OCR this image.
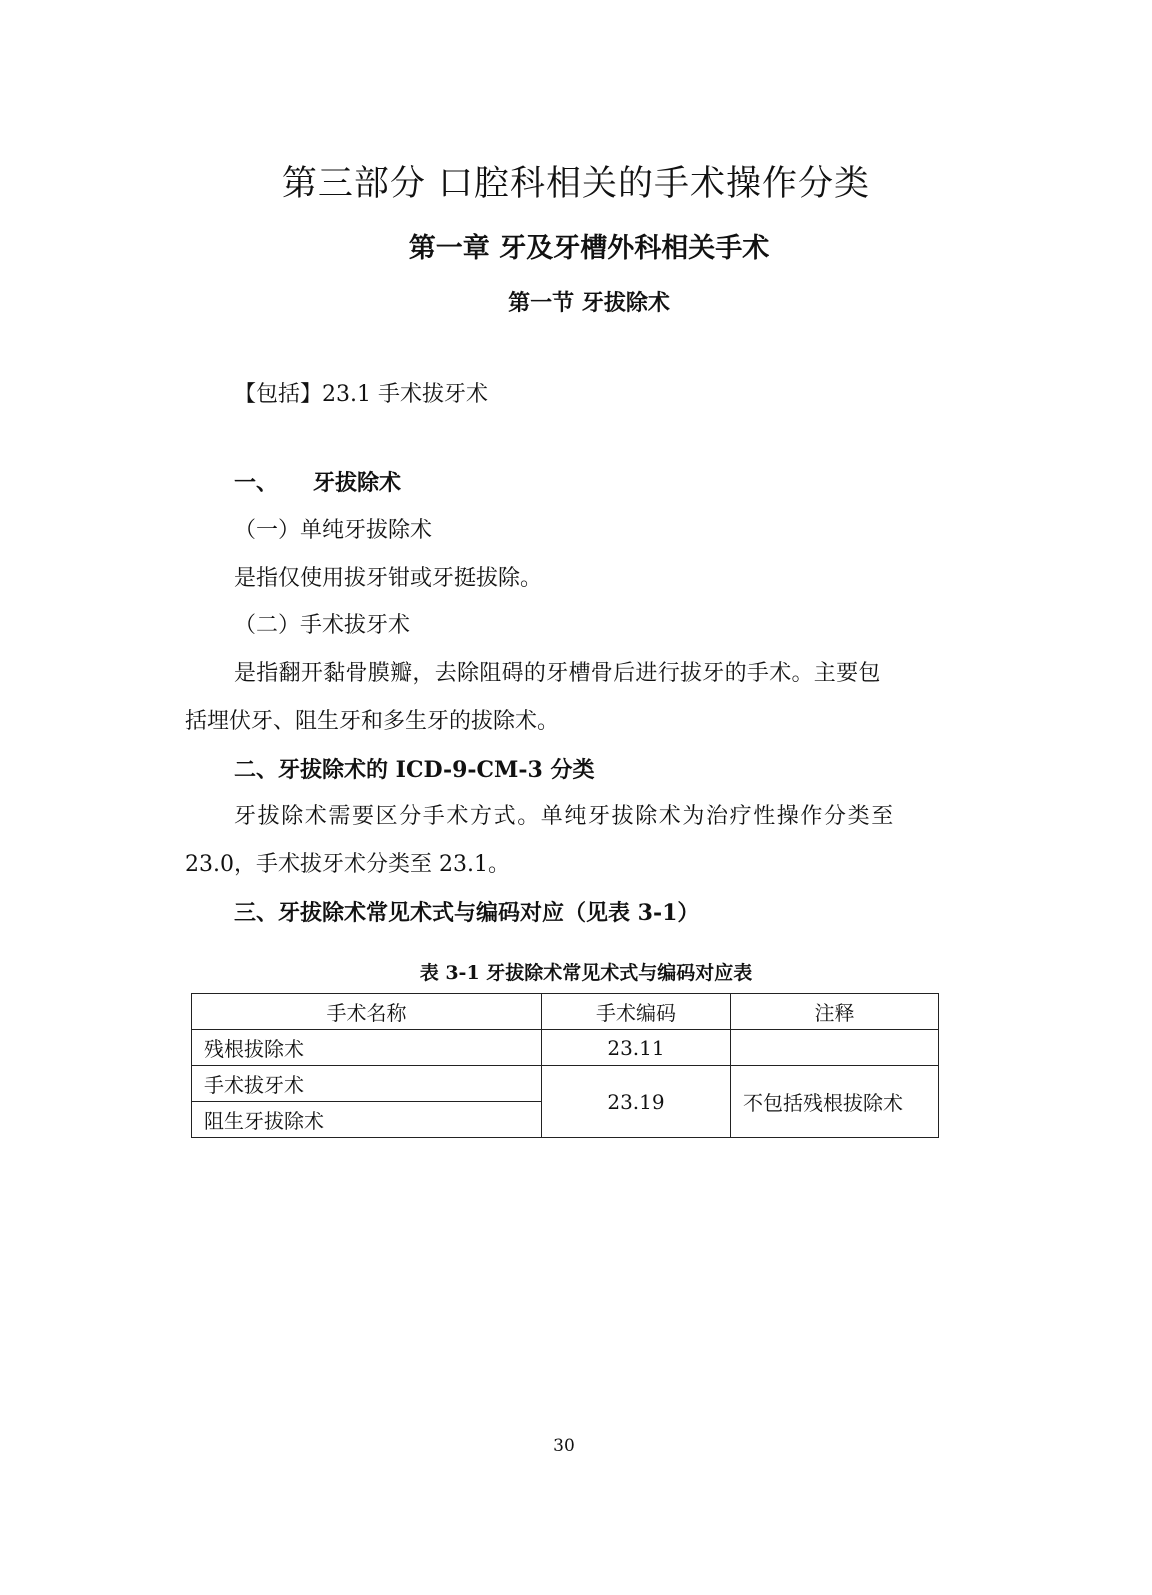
第三部分 口腔科相关的手术操作分类
第一章 牙及牙槽外科相关手术
第一节 牙拔除术
【包括】23.1 手术拔牙术
一、 牙拔除术
（一）单纯牙拔除术
是指仅使用拔牙钳或牙挺拔除。
（二）手术拔牙术
是指翻开黏骨膜瓣，去除阻碍的牙槽骨后进行拔牙的手术。主要包
括埋伏牙、阻生牙和多生牙的拔除术。
二、牙拔除术的 ICD-9-CM-3 分类
牙拔除术需要区分手术方式。单纯牙拔除术为治疗性操作分类至
23.0，手术拔牙术分类至 23.1。
三、牙拔除术常见术式与编码对应（见表 3-1）
表 3-1 牙拔除术常见术式与编码对应表
手术名称	手术编码	注释
残根拔除术	23.11	
手术拔牙术	23.19	不包括残根拔除术
阻生牙拔除术		
30
